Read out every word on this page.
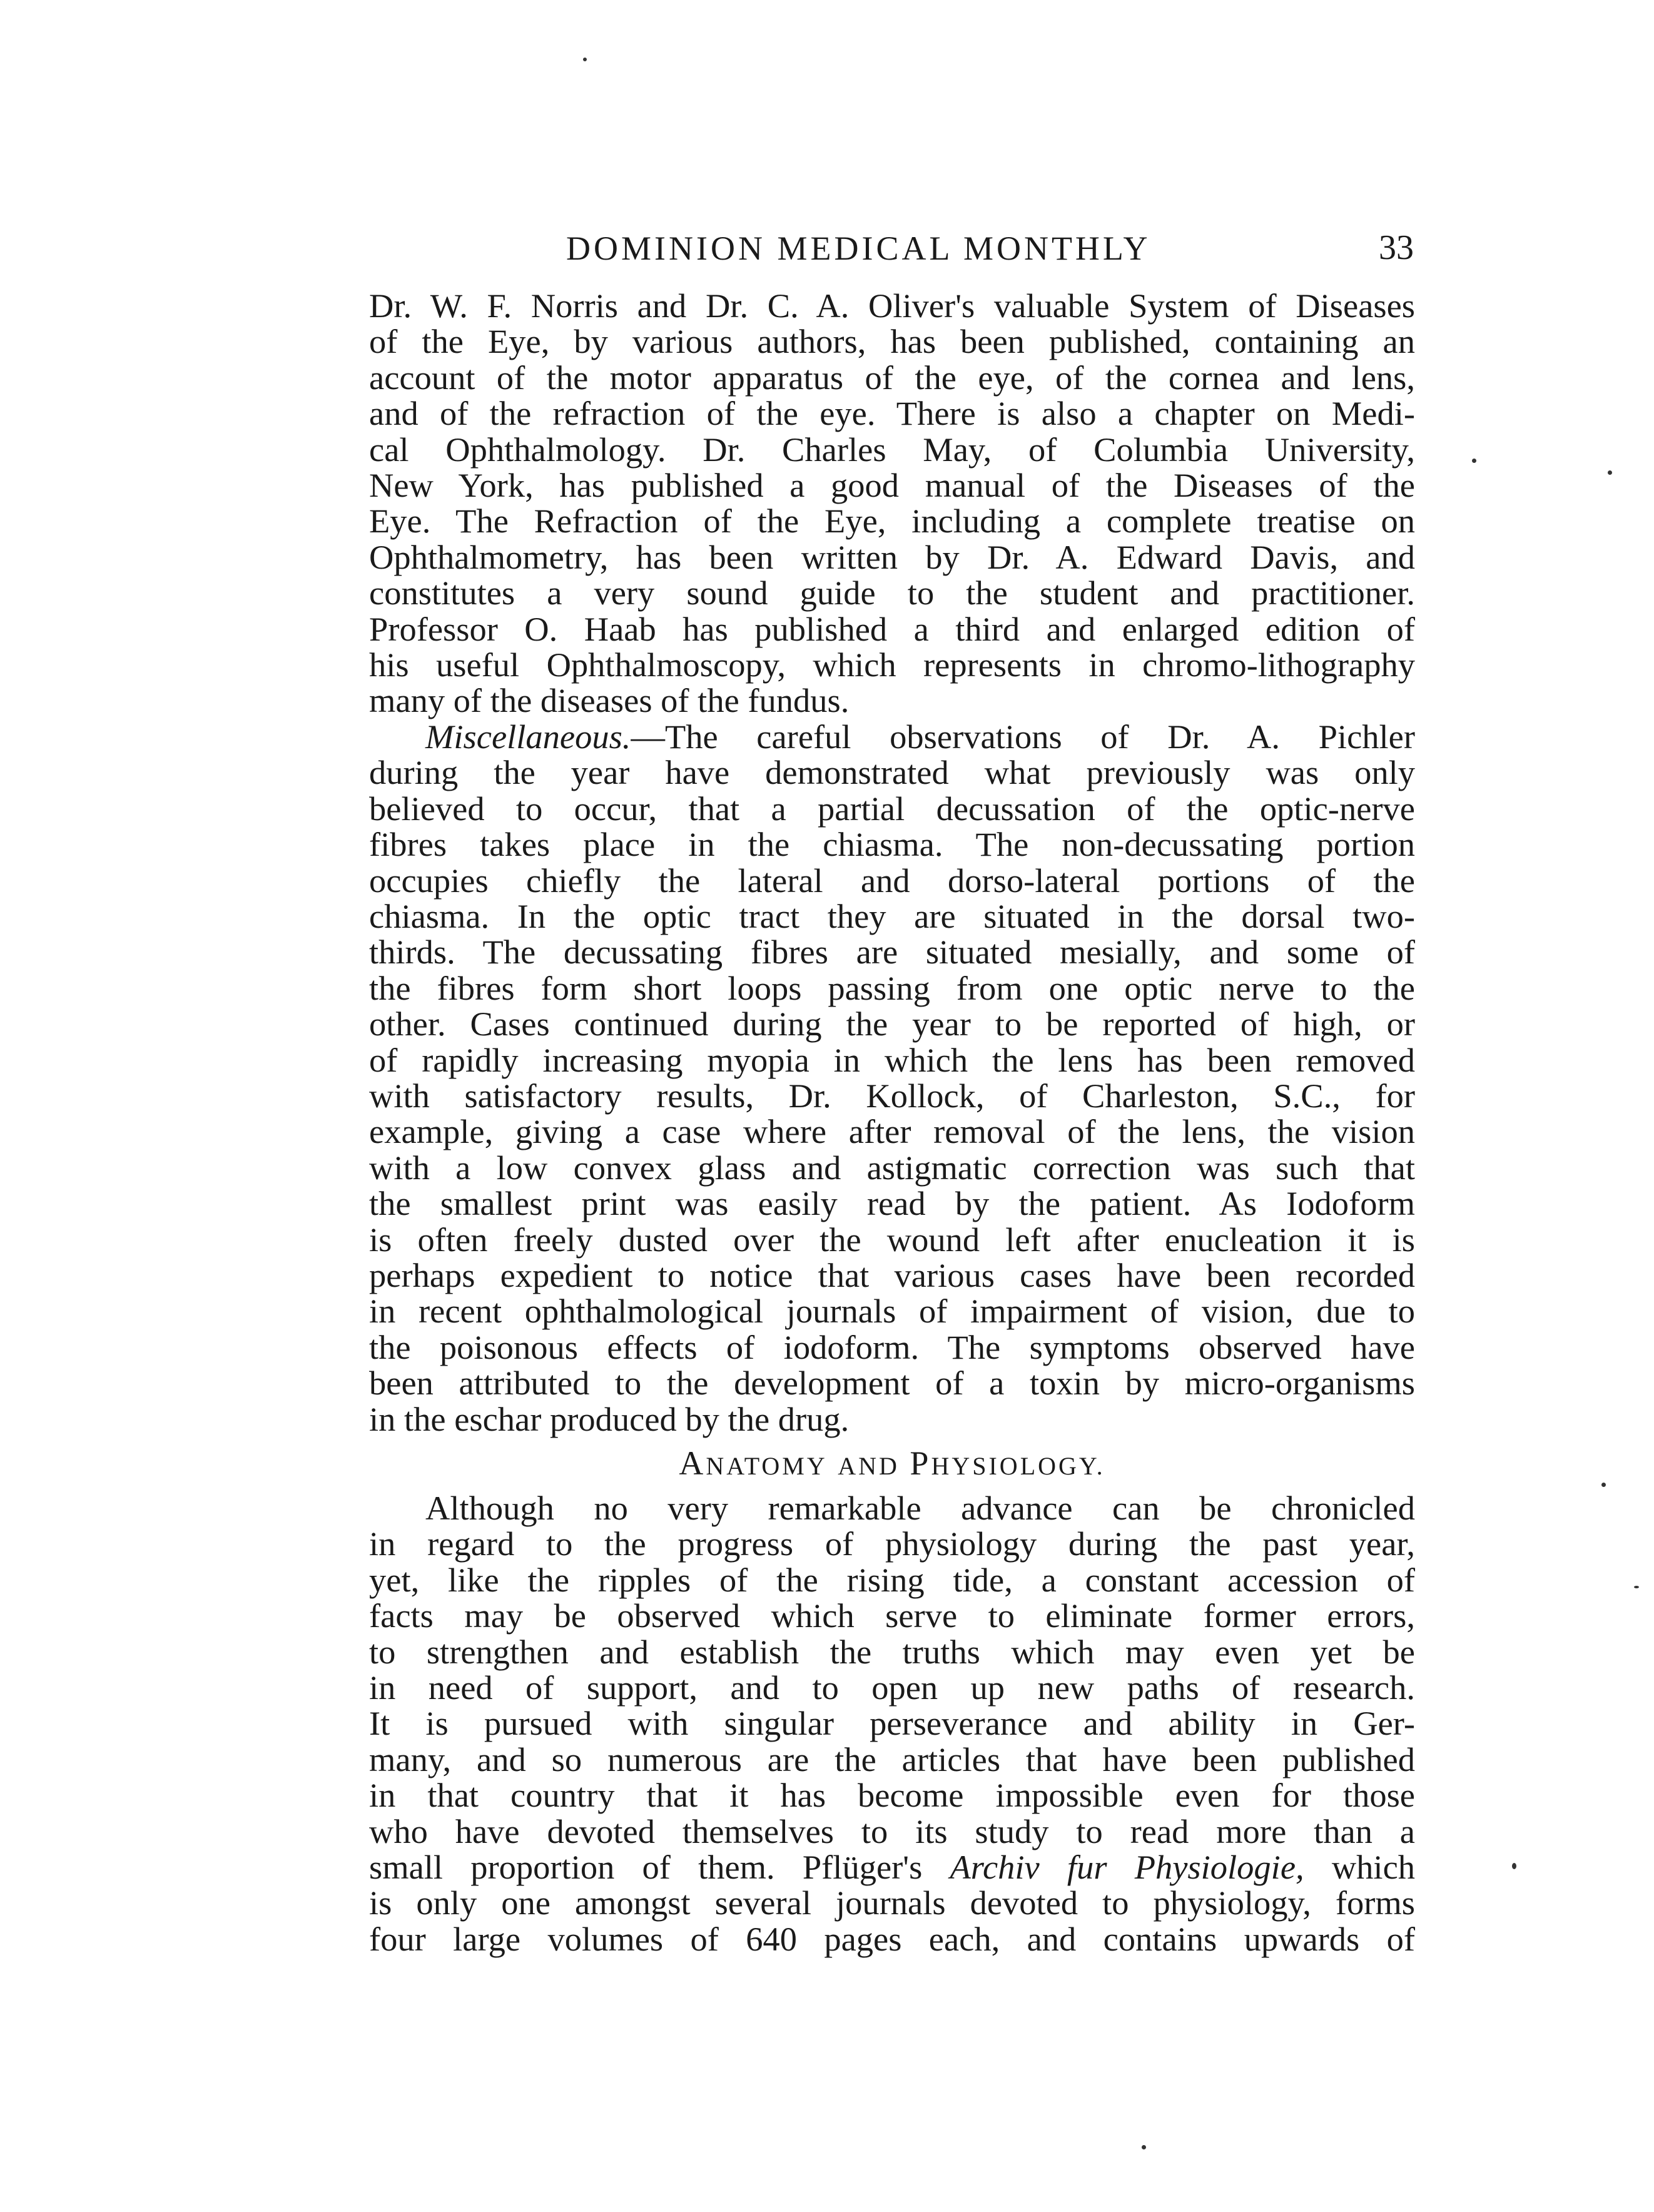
DOMINION MEDICAL MONTHLY	33
Dr. W. F. Norris and Dr. C. A. Oliver's valuable System of Diseases
of the Eye, by various authors, has been published, containing an
account of the motor apparatus of the eye, of the cornea and lens,
and of the refraction of the eye. There is also a chapter on Medi-
cal Ophthalmology. Dr. Charles May, of Columbia University,
New York, has published a good manual of the Diseases of the
Eye. The Refraction of the Eye, including a complete treatise on
Ophthalmometry, has been written by Dr. A. Edward Davis, and
constitutes a very sound guide to the student and practitioner.
Professor O. Haab has published a third and enlarged edition of
his useful Ophthalmoscopy, which represents in chromo-lithography
many of the diseases of the fundus.
Miscellaneous.—The careful observations of Dr. A. Pichler
during the year have demonstrated what previously was only
believed to occur, that a partial decussation of the optic-nerve
fibres takes place in the chiasma. The non-decussating portion
occupies chiefly the lateral and dorso-lateral portions of the
chiasma. In the optic tract they are situated in the dorsal two-
thirds. The decussating fibres are situated mesially, and some of
the fibres form short loops passing from one optic nerve to the
other. Cases continued during the year to be reported of high, or
of rapidly increasing myopia in which the lens has been removed
with satisfactory results, Dr. Kollock, of Charleston, S.C., for
example, giving a case where after removal of the lens, the vision
with a low convex glass and astigmatic correction was such that
the smallest print was easily read by the patient. As Iodoform
is often freely dusted over the wound left after enucleation it is
perhaps expedient to notice that various cases have been recorded
in recent ophthalmological journals of impairment of vision, due to
the poisonous effects of iodoform. The symptoms observed have
been attributed to the development of a toxin by micro-organisms
in the eschar produced by the drug.
ANATOMY AND PHYSIOLOGY.
Although no very remarkable advance can be chronicled
in regard to the progress of physiology during the past year,
yet, like the ripples of the rising tide, a constant accession of
facts may be observed which serve to eliminate former errors,
to strengthen and establish the truths which may even yet be
in need of support, and to open up new paths of research.
It is pursued with singular perseverance and ability in Ger-
many, and so numerous are the articles that have been published
in that country that it has become impossible even for those
who have devoted themselves to its study to read more than a
small proportion of them. Pflüger's Archiv fur Physiologie, which
is only one amongst several journals devoted to physiology, forms
four large volumes of 640 pages each, and contains upwards of
